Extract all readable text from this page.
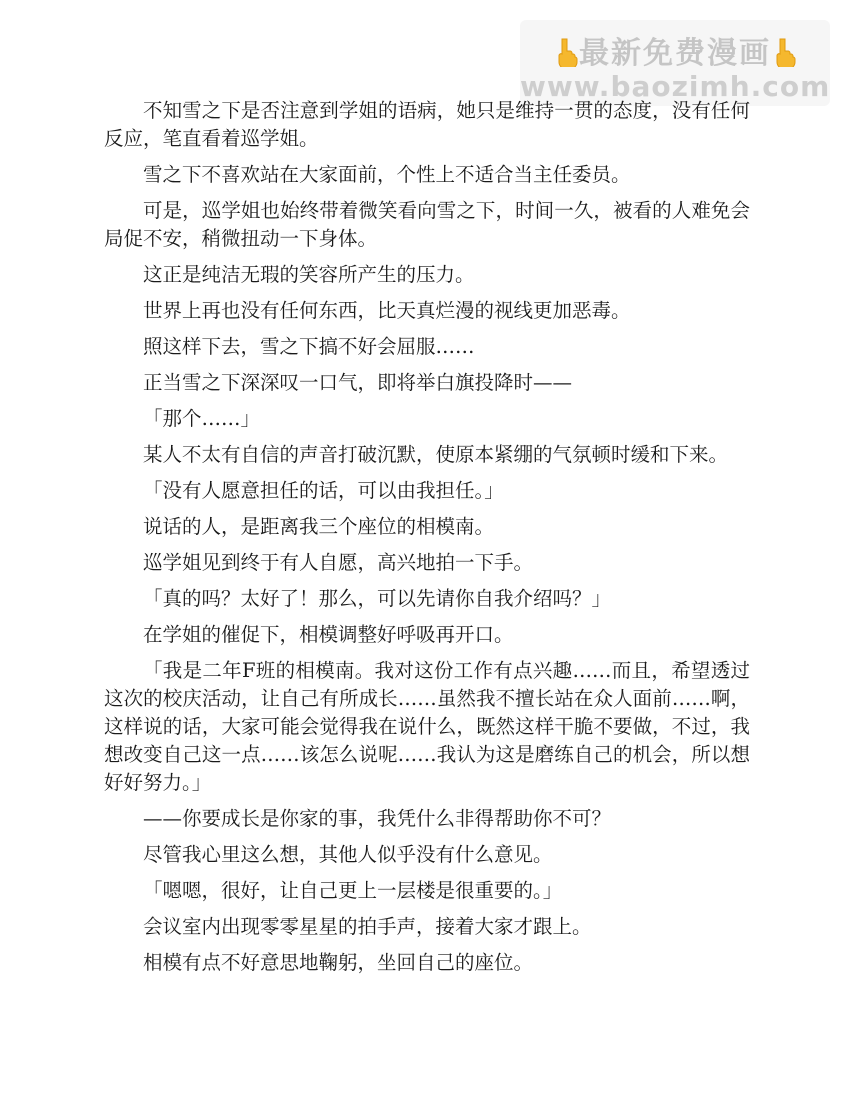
最新免费漫画
www.baozimh.com

不知雪之下是否注意到学姐的语病，她只是维持一贯的态度，没有任何反应，笔直看着巡学姐。

雪之下不喜欢站在大家面前，个性上不适合当主任委员。

可是，巡学姐也始终带着微笑看向雪之下，时间一久，被看的人难免会局促不安，稍微扭动一下身体。

这正是纯洁无瑕的笑容所产生的压力。

世界上再也没有任何东西，比天真烂漫的视线更加恶毒。

照这样下去，雪之下搞不好会屈服……

正当雪之下深深叹一口气，即将举白旗投降时——

「那个……」

某人不太有自信的声音打破沉默，使原本紧绷的气氛顿时缓和下来。

「没有人愿意担任的话，可以由我担任。」

说话的人，是距离我三个座位的相模南。

巡学姐见到终于有人自愿，高兴地拍一下手。

「真的吗？太好了！那么，可以先请你自我介绍吗？」

在学姐的催促下，相模调整好呼吸再开口。

「我是二年F班的相模南。我对这份工作有点兴趣……而且，希望透过这次的校庆活动，让自己有所成长……虽然我不擅长站在众人面前……啊，这样说的话，大家可能会觉得我在说什么，既然这样干脆不要做，不过，我想改变自己这一点……该怎么说呢……我认为这是磨练自己的机会，所以想好好努力。」

——你要成长是你家的事，我凭什么非得帮助你不可？

尽管我心里这么想，其他人似乎没有什么意见。

「嗯嗯，很好，让自己更上一层楼是很重要的。」

会议室内出现零零星星的拍手声，接着大家才跟上。

相模有点不好意思地鞠躬，坐回自己的座位。
